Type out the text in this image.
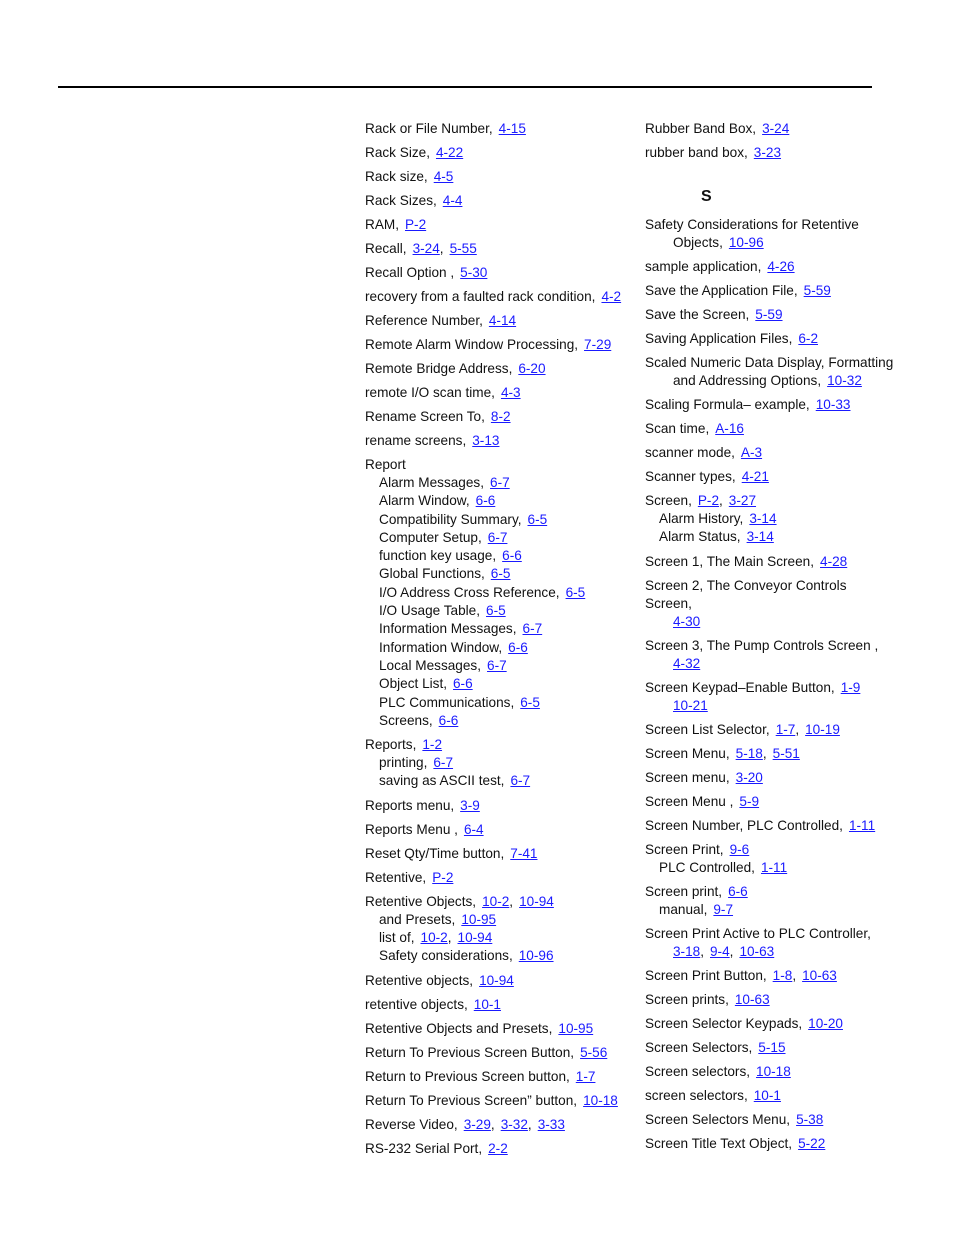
Rack or File Number, 4-15
Rack Size, 4-22
Rack size, 4-5
Rack Sizes, 4-4
RAM, P-2
Recall, 3-24, 5-55
Recall Option , 5-30
recovery from a faulted rack condition, 4-2
Reference Number, 4-14
Remote Alarm Window Processing, 7-29
Remote Bridge Address, 6-20
remote I/O scan time, 4-3
Rename Screen To, 8-2
rename screens, 3-13
Report
Alarm Messages, 6-7
Alarm Window, 6-6
Compatibility Summary, 6-5
Computer Setup, 6-7
function key usage, 6-6
Global Functions, 6-5
I/O Address Cross Reference, 6-5
I/O Usage Table, 6-5
Information Messages, 6-7
Information Window, 6-6
Local Messages, 6-7
Object List, 6-6
PLC Communications, 6-5
Screens, 6-6
Reports, 1-2
printing, 6-7
saving as ASCII test, 6-7
Reports menu, 3-9
Reports Menu , 6-4
Reset Qty/Time button, 7-41
Retentive, P-2
Retentive Objects, 10-2, 10-94
and Presets, 10-95
list of, 10-2, 10-94
Safety considerations, 10-96
Retentive objects, 10-94
retentive objects, 10-1
Retentive Objects and Presets, 10-95
Return To Previous Screen Button, 5-56
Return to Previous Screen button, 1-7
Return To Previous Screen” button, 10-18
Reverse Video, 3-29, 3-32, 3-33
RS-232 Serial Port, 2-2
Rubber Band Box, 3-24
rubber band box, 3-23
S
Safety Considerations for Retentive
Objects, 10-96
sample application, 4-26
Save the Application File, 5-59
Save the Screen, 5-59
Saving Application Files, 6-2
Scaled Numeric Data Display, Formatting
and Addressing Options, 10-32
Scaling Formula– example, 10-33
Scan time, A-16
scanner mode, A-3
Scanner types, 4-21
Screen, P-2, 3-27
Alarm History, 3-14
Alarm Status, 3-14
Screen 1, The Main Screen, 4-28
Screen 2, The Conveyor Controls Screen,
4-30
Screen 3, The Pump Controls Screen ,
4-32
Screen Keypad–Enable Button, 1-9
10-21
Screen List Selector, 1-7, 10-19
Screen Menu, 5-18, 5-51
Screen menu, 3-20
Screen Menu , 5-9
Screen Number, PLC Controlled, 1-11
Screen Print, 9-6
PLC Controlled, 1-11
Screen print, 6-6
manual, 9-7
Screen Print Active to PLC Controller,
3-18, 9-4, 10-63
Screen Print Button, 1-8, 10-63
Screen prints, 10-63
Screen Selector Keypads, 10-20
Screen Selectors, 5-15
Screen selectors, 10-18
screen selectors, 10-1
Screen Selectors Menu, 5-38
Screen Title Text Object, 5-22
